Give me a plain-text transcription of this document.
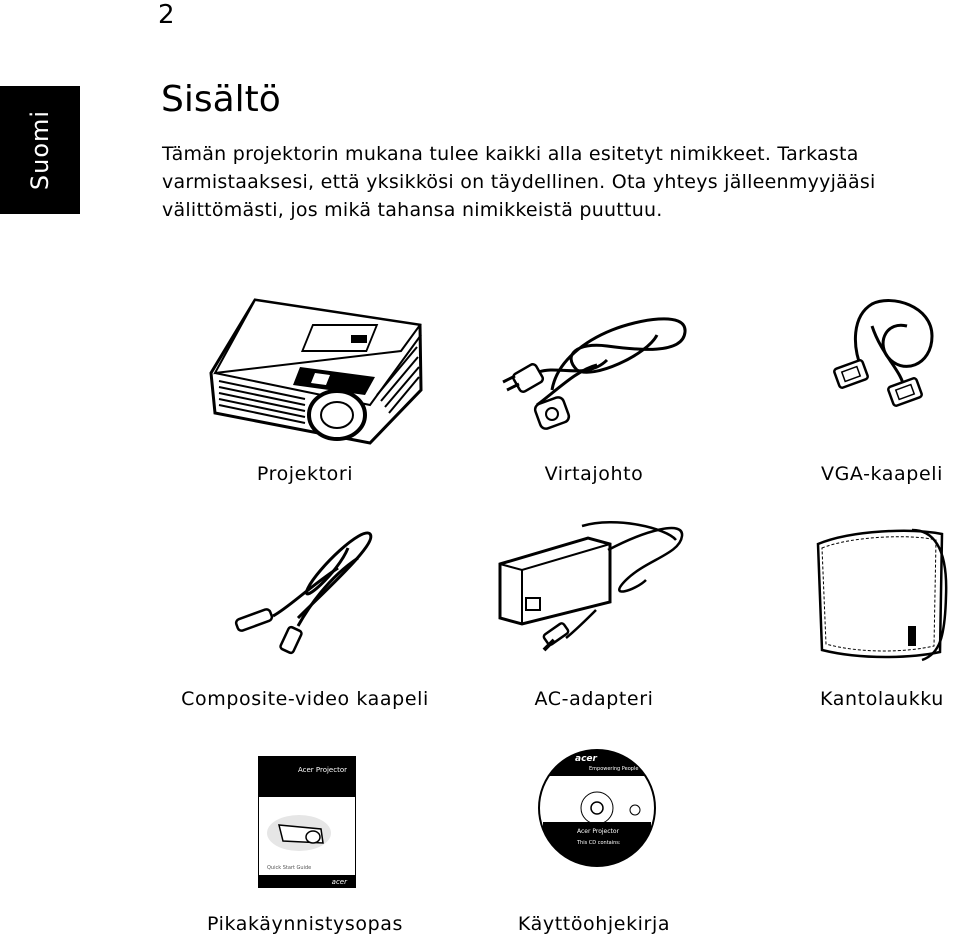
2
Suomi
Sisältö

Tämän projektorin mukana tulee kaikki alla esitetyt nimikkeet. Tarkasta varmistaaksesi, että yksikkösi on täydellinen. Ota yhteys jälleenmyyjääsi välittömästi, jos mikä tahansa nimikkeistä puuttuu.

Projektori	Virtajohto	VGA-kaapeli
Composite-video kaapeli	AC-adapteri	Kantolaukku
Acer Projector
Quick Start Guide
acer
Pikakäynnistysopas
acer
Empowering People
Acer Projector
This CD contains:
Käyttöohjekirja
